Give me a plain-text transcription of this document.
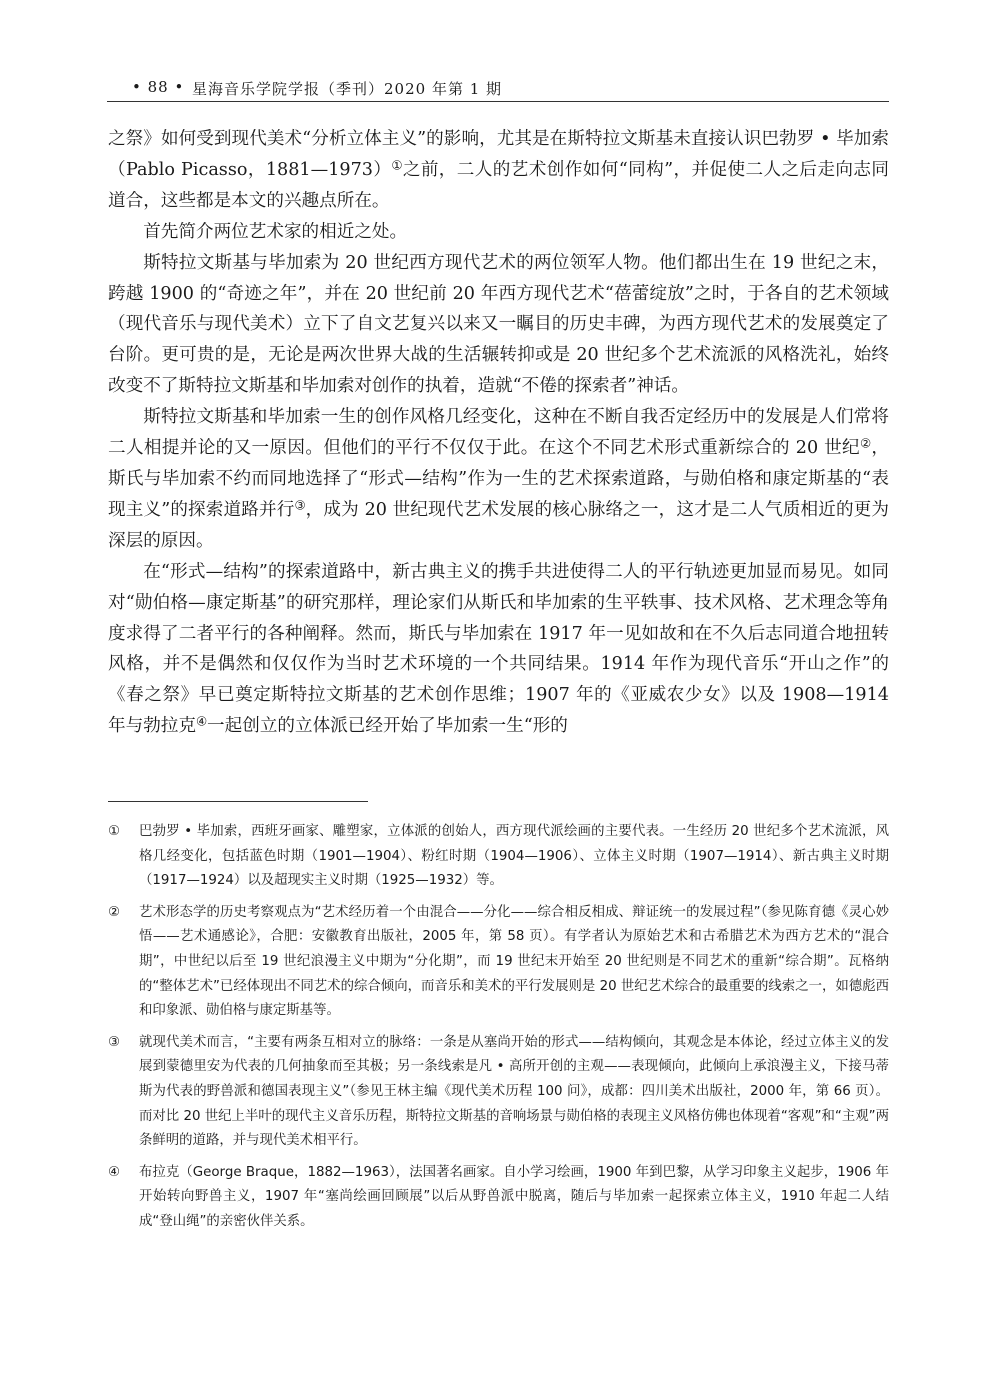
• 88 • 星海音乐学院学报（季刊）2020 年第 1 期

之祭》如何受到现代美术“分析立体主义”的影响，尤其是在斯特拉文斯基未直接认识巴勃罗 • 毕加索（Pablo Picasso，1881—1973）①之前，二人的艺术创作如何“同构”，并促使二人之后走向志同道合，这些都是本文的兴趣点所在。

首先简介两位艺术家的相近之处。

斯特拉文斯基与毕加索为 20 世纪西方现代艺术的两位领军人物。他们都出生在 19 世纪之末，跨越 1900 的“奇迹之年”，并在 20 世纪前 20 年西方现代艺术“蓓蕾绽放”之时，于各自的艺术领域（现代音乐与现代美术）立下了自文艺复兴以来又一瞩目的历史丰碑，为西方现代艺术的发展奠定了台阶。更可贵的是，无论是两次世界大战的生活辗转抑或是 20 世纪多个艺术流派的风格洗礼，始终改变不了斯特拉文斯基和毕加索对创作的执着，造就“不倦的探索者”神话。

斯特拉文斯基和毕加索一生的创作风格几经变化，这种在不断自我否定经历中的发展是人们常将二人相提并论的又一原因。但他们的平行不仅仅于此。在这个不同艺术形式重新综合的 20 世纪②，斯氏与毕加索不约而同地选择了“形式—结构”作为一生的艺术探索道路，与勋伯格和康定斯基的“表现主义”的探索道路并行③，成为 20 世纪现代艺术发展的核心脉络之一，这才是二人气质相近的更为深层的原因。

在“形式—结构”的探索道路中，新古典主义的携手共进使得二人的平行轨迹更加显而易见。如同对“勋伯格—康定斯基”的研究那样，理论家们从斯氏和毕加索的生平轶事、技术风格、艺术理念等角度求得了二者平行的各种阐释。然而，斯氏与毕加索在 1917 年一见如故和在不久后志同道合地扭转风格，并不是偶然和仅仅作为当时艺术环境的一个共同结果。1914 年作为现代音乐“开山之作”的《春之祭》早已奠定斯特拉文斯基的艺术创作思维；1907 年的《亚威农少女》以及 1908—1914 年与勃拉克④一起创立的立体派已经开始了毕加索一生“形的

① 巴勃罗 • 毕加索，西班牙画家、雕塑家，立体派的创始人，西方现代派绘画的主要代表。一生经历 20 世纪多个艺术流派，风格几经变化，包括蓝色时期（1901—1904）、粉红时期（1904—1906）、立体主义时期（1907—1914）、新古典主义时期（1917—1924）以及超现实主义时期（1925—1932）等。
② 艺术形态学的历史考察观点为“艺术经历着一个由混合——分化——综合相反相成、辩证统一的发展过程”（参见陈育德《灵心妙悟——艺术通感论》，合肥：安徽教育出版社，2005 年，第 58 页）。有学者认为原始艺术和古希腊艺术为西方艺术的“混合期”，中世纪以后至 19 世纪浪漫主义中期为“分化期”，而 19 世纪末开始至 20 世纪则是不同艺术的重新“综合期”。瓦格纳的“整体艺术”已经体现出不同艺术的综合倾向，而音乐和美术的平行发展则是 20 世纪艺术综合的最重要的线索之一，如德彪西和印象派、勋伯格与康定斯基等。
③ 就现代美术而言，“主要有两条互相对立的脉络：一条是从塞尚开始的形式——结构倾向，其观念是本体论，经过立体主义的发展到蒙德里安为代表的几何抽象而至其极；另一条线索是凡 • 高所开创的主观——表现倾向，此倾向上承浪漫主义，下接马蒂斯为代表的野兽派和德国表现主义”（参见王林主编《现代美术历程 100 问》，成都：四川美术出版社，2000 年，第 66 页）。而对比 20 世纪上半叶的现代主义音乐历程，斯特拉文斯基的音响场景与勋伯格的表现主义风格仿佛也体现着“客观”和“主观”两条鲜明的道路，并与现代美术相平行。
④ 布拉克（George Braque，1882—1963），法国著名画家。自小学习绘画，1900 年到巴黎，从学习印象主义起步，1906 年开始转向野兽主义，1907 年“塞尚绘画回顾展”以后从野兽派中脱离，随后与毕加索一起探索立体主义，1910 年起二人结成“登山绳”的亲密伙伴关系。
